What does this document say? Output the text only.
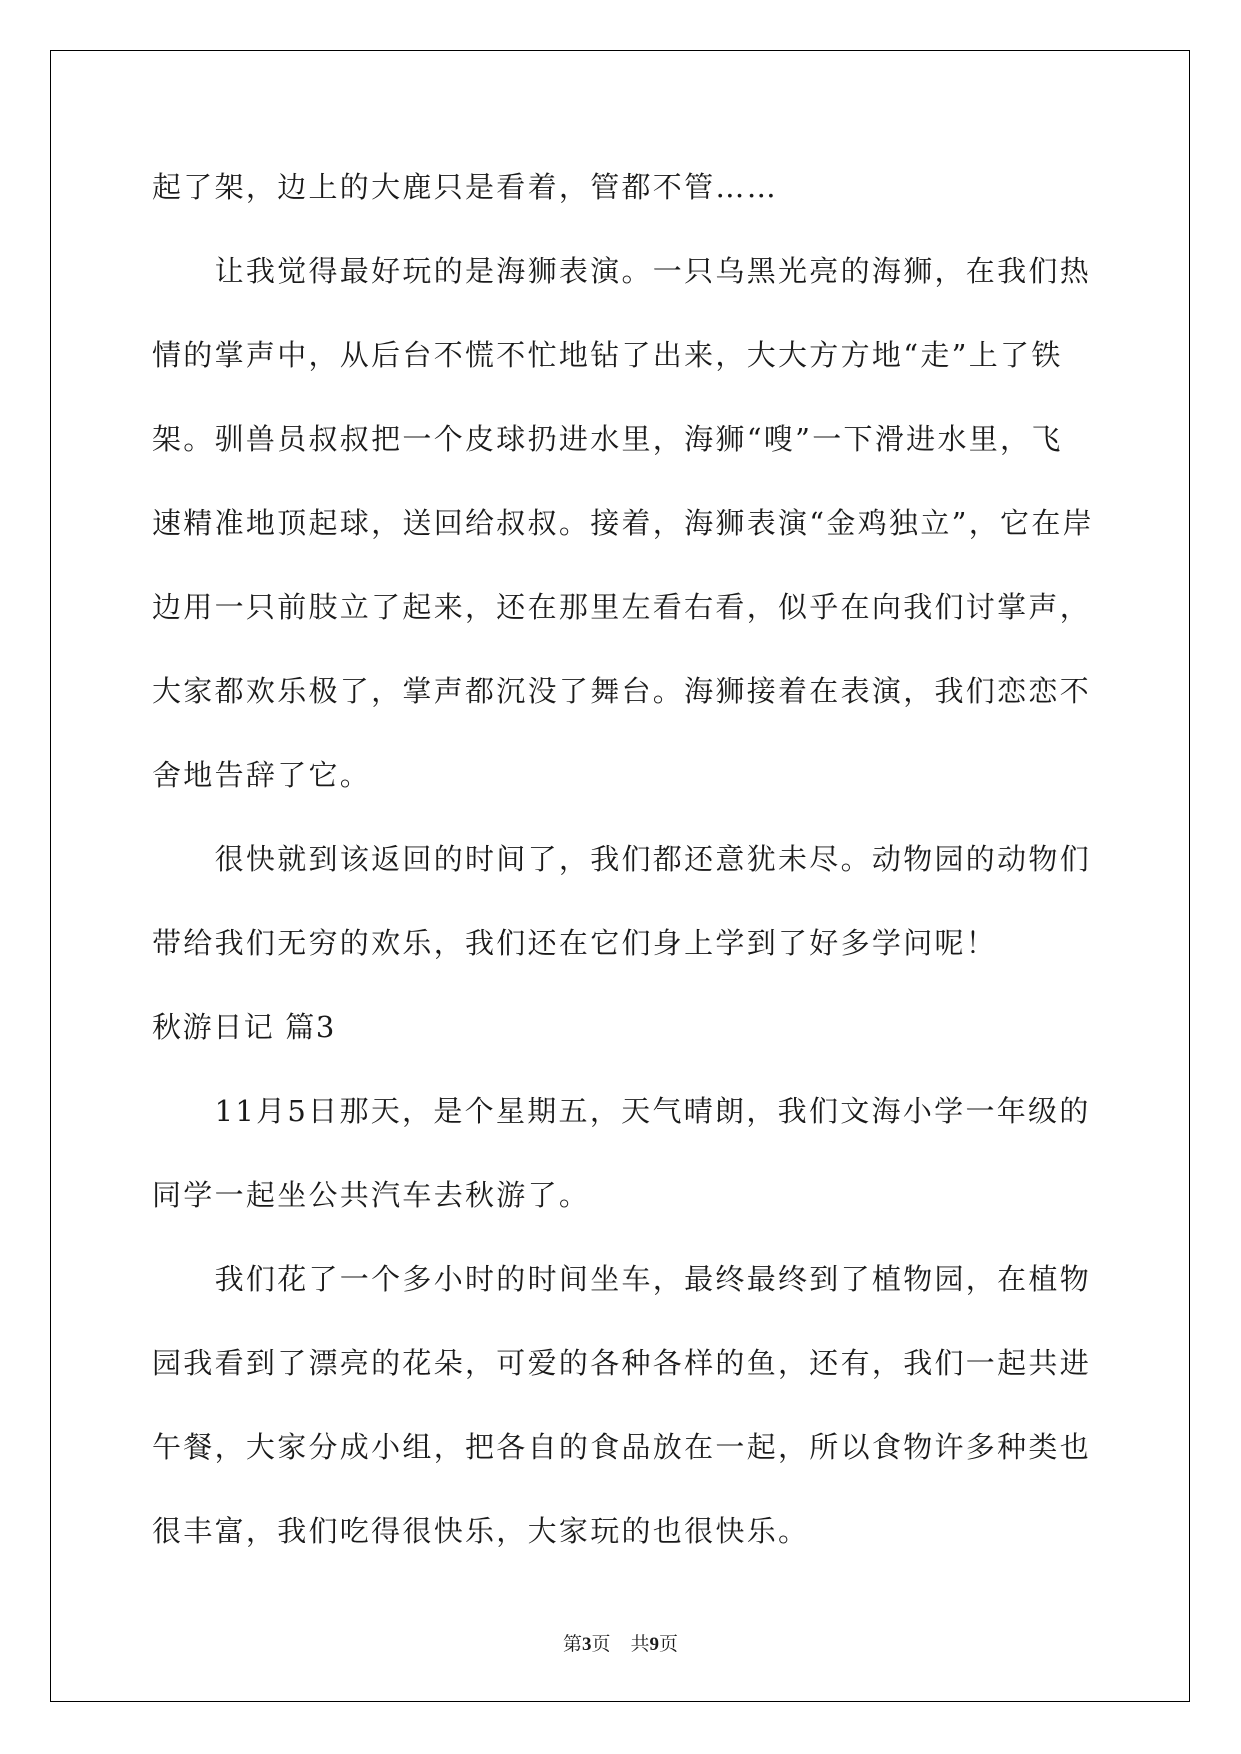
起了架，边上的大鹿只是看着，管都不管……
　　让我觉得最好玩的是海狮表演。一只乌黑光亮的海狮，在我们热
情的掌声中，从后台不慌不忙地钻了出来，大大方方地“走”上了铁
架。驯兽员叔叔把一个皮球扔进水里，海狮“嗖”一下滑进水里，飞
速精准地顶起球，送回给叔叔。接着，海狮表演“金鸡独立”，它在岸
边用一只前肢立了起来，还在那里左看右看，似乎在向我们讨掌声，
大家都欢乐极了，掌声都沉没了舞台。海狮接着在表演，我们恋恋不
舍地告辞了它。
　　很快就到该返回的时间了，我们都还意犹未尽。动物园的动物们
带给我们无穷的欢乐，我们还在它们身上学到了好多学问呢！
秋游日记 篇3
　　11月5日那天，是个星期五，天气晴朗，我们文海小学一年级的
同学一起坐公共汽车去秋游了。
　　我们花了一个多小时的时间坐车，最终最终到了植物园，在植物
园我看到了漂亮的花朵，可爱的各种各样的鱼，还有，我们一起共进
午餐，大家分成小组，把各自的食品放在一起，所以食物许多种类也
很丰富，我们吃得很快乐，大家玩的也很快乐。
第3页 共9页
